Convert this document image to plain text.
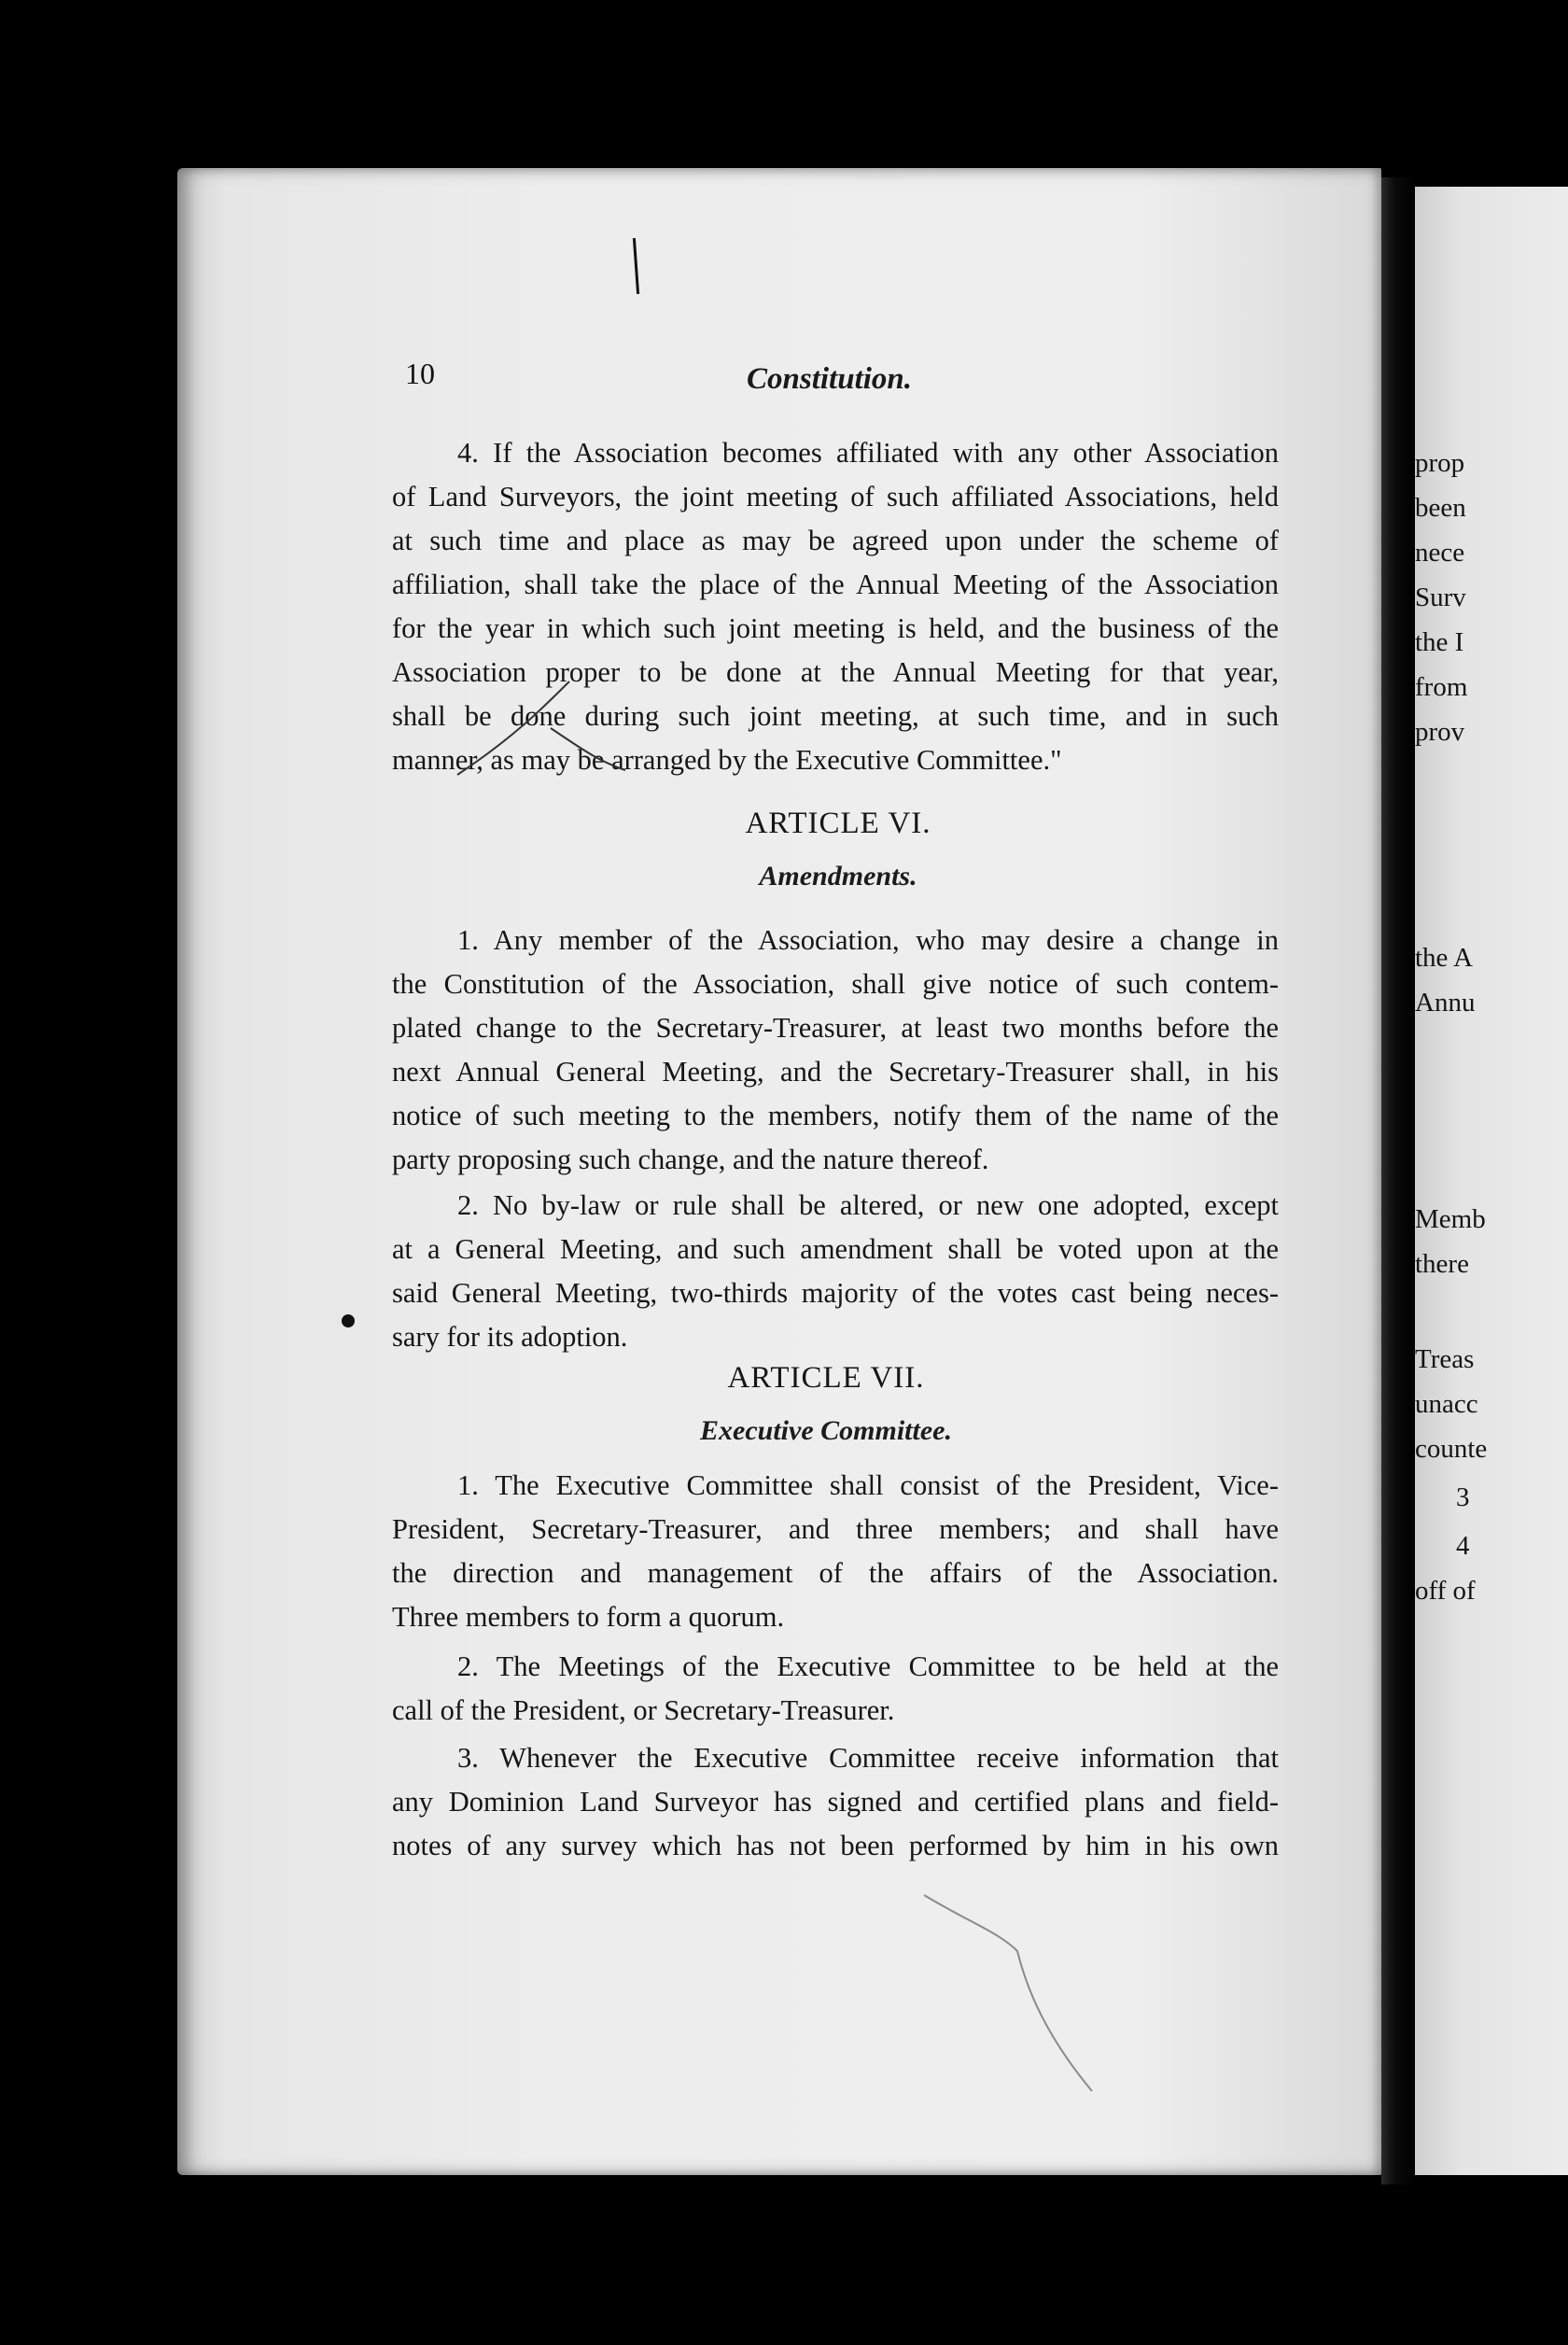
prop
been
nece
Surv
the I
from
prov
the A
Annu
Memb
there
Treas
unacc
counte
3
4
off of
10	Constitution.
4. If the Association becomes affiliated with any other Association
of Land Surveyors, the joint meeting of such affiliated Associations, held
at such time and place as may be agreed upon under the scheme of
affiliation, shall take the place of the Annual Meeting of the Association
for the year in which such joint meeting is held, and the business of the
Association proper to be done at the Annual Meeting for that year,
shall be done during such joint meeting, at such time, and in such
manner, as may be arranged by the Executive Committee."
ARTICLE VI.
Amendments.
1. Any member of the Association, who may desire a change in
the Constitution of the Association, shall give notice of such contem-
plated change to the Secretary-Treasurer, at least two months before the
next Annual General Meeting, and the Secretary-Treasurer shall, in his
notice of such meeting to the members, notify them of the name of the
party proposing such change, and the nature thereof.
2. No by-law or rule shall be altered, or new one adopted, except
at a General Meeting, and such amendment shall be voted upon at the
said General Meeting, two-thirds majority of the votes cast being neces-
sary for its adoption.
ARTICLE VII.
Executive Committee.
1. The Executive Committee shall consist of the President, Vice-
President, Secretary-Treasurer, and three members; and shall have
the direction and management of the affairs of the Association.
Three members to form a quorum.
2. The Meetings of the Executive Committee to be held at the
call of the President, or Secretary-Treasurer.
3. Whenever the Executive Committee receive information that
any Dominion Land Surveyor has signed and certified plans and field-
notes of any survey which has not been performed by him in his own
